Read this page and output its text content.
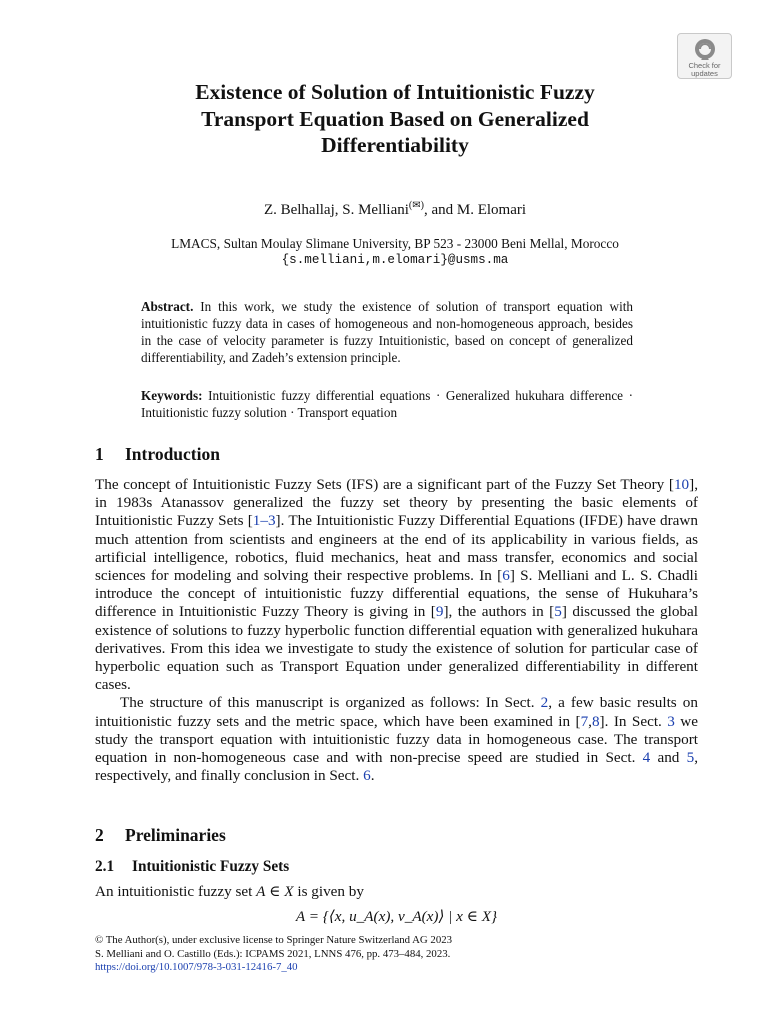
Check for
updates
Existence of Solution of Intuitionistic Fuzzy
Transport Equation Based on Generalized
Differentiability
Z. Belhallaj, S. Melliani(✉), and M. Elomari
LMACS, Sultan Moulay Slimane University, BP 523 - 23000 Beni Mellal, Morocco
{s.melliani,m.elomari}@usms.ma
Abstract. In this work, we study the existence of solution of transport equation with intuitionistic fuzzy data in cases of homogeneous and non-homogeneous approach, besides in the case of velocity parameter is fuzzy Intuitionistic, based on concept of generalized differentiability, and Zadeh’s extension principle.
Keywords: Intuitionistic fuzzy differential equations · Generalized hukuhara difference · Intuitionistic fuzzy solution · Transport equation
1 Introduction

The concept of Intuitionistic Fuzzy Sets (IFS) are a significant part of the Fuzzy Set Theory [10], in 1983s Atanassov generalized the fuzzy set theory by presenting the basic elements of Intuitionistic Fuzzy Sets [1–3]. The Intuitionistic Fuzzy Differential Equations (IFDE) have drawn much attention from scientists and engineers at the end of its applicability in various fields, as artificial intelligence, robotics, fluid mechanics, heat and mass transfer, economics and social sciences for modeling and solving their respective problems. In [6] S. Melliani and L. S. Chadli introduce the concept of intuitionistic fuzzy differential equations, the sense of Hukuhara’s difference in Intuitionistic Fuzzy Theory is giving in [9], the authors in [5] discussed the global existence of solutions to fuzzy hyperbolic function differential equation with generalized hukuhara derivatives. From this idea we investigate to study the existence of solution for particular case of hyperbolic equation such as Transport Equation under generalized differentiability in different cases.

The structure of this manuscript is organized as follows: In Sect. 2, a few basic results on intuitionistic fuzzy sets and the metric space, which have been examined in [7,8]. In Sect. 3 we study the transport equation with intuitionistic fuzzy data in homogeneous case. The transport equation in non-homogeneous case and with non-precise speed are studied in Sect. 4 and 5, respectively, and finally conclusion in Sect. 6.

2 Preliminaries
2.1 Intuitionistic Fuzzy Sets
An intuitionistic fuzzy set A ∈ X is given by
A = {⟨x, u_A(x), v_A(x)⟩ | x ∈ X}
© The Author(s), under exclusive license to Springer Nature Switzerland AG 2023
S. Melliani and O. Castillo (Eds.): ICPAMS 2021, LNNS 476, pp. 473–484, 2023.
https://doi.org/10.1007/978-3-031-12416-7_40
